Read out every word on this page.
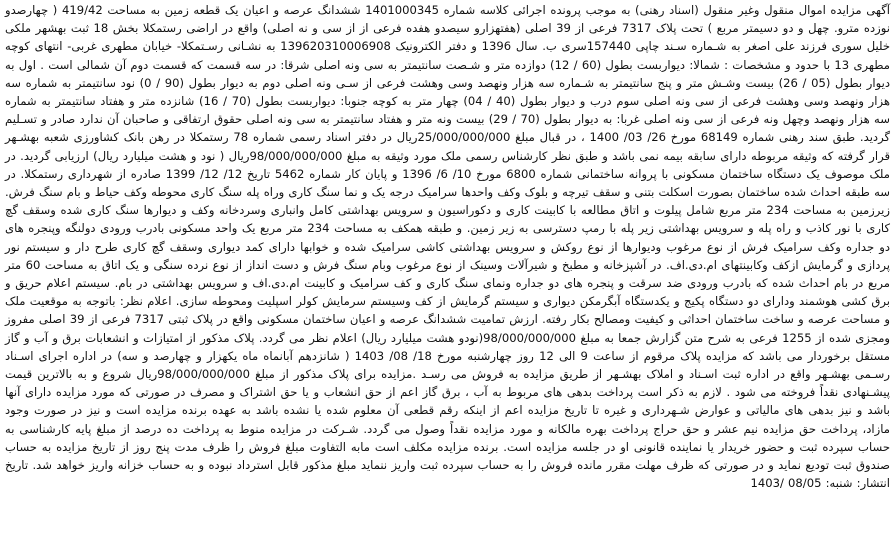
آگهی مزایده اموال منقول وغیر منقول (اسناد رهنی) به موجب پرونده اجرائی کلاسه شماره 1401000345 ششدانگ عرصه و اعیان یک قطعه زمین به مساحت 419/42 ( چهارصدو نوزده مترو. چهل و دو دسیمتر مربع ) تحت پلاک 7317 فرعی از 39 اصلی (هفتهزارو سیصدو هفده فرعی از از سی و نه اصلی) واقع در اراضی رستمکلا بخش 18 ثبت بهشهر ملکی خلیل سوری فرزند علی اصغر به شـماره سـند چاپی 157440سری ب. سال 1396 و دفتر الکترونیک 139620310006908 به نشـانی رسـتمکلا- خیابان مطهری غربی- انتهای کوچه مطهری 13 با حدود و مشخصات : شمالا: دیواربست بطول (60 / 12) دوازده متر و شـصت سانتیمتر به سی ونه اصلی شرقا: در سه قسمت که قسمت دوم آن شمالی است . اول به دیوار بطول (05 / 26) بیست وشـش متر و پنج سانتیمتر به شـماره سه هزار ونهصد وسی وهشت فرعی از سـی ونه اصلی دوم به دیوار بطول (90 / 0) نود سانتیمتر به شماره سه هزار ونهصد وسی وهشت فرعی از سی ونه اصلی سوم درب و دیوار بطول (40 / 04) چهار متر به کوچه جنوبا: دیواربست بطول (70 / 16) شانزده متر و هفتاد سانتیمتر به شماره سه هزار ونهصد وچهل ونه فرعی از سی ونه اصلی غربا: به دیوار بطول (70 / 29) بیست ونه متر و هفتاد سانتیمتر به سی ونه اصلی حقوق ارتفاقی و صاحبان آن ندارد صادر و تسـلیم گردید. طبق سند رهنی شماره 68149 مورخ 26/ 03/ 1400 ، در قبال مبلغ 25/000/000/000ریال در دفتر اسناد رسمی شماره 78 رستمکلا در رهن بانک کشاورزی شعبه بهشـهر قرار گرفته که وثیقه مربوطه دارای سابقه بیمه نمی باشد و طبق نظر کارشناس رسمی ملک مورد وثیقه به مبلغ 98/000/000/000ریال ( نود و هشت میلیارد ریال) ارزیابی گردید. در ملک موصوف یک دستگاه ساختمان مسکونی با پروانه ساختمانی شماره 6800 مورخ 10/ 6/ 1396 و پایان کار شماره 5462 تاریخ 12/ 12/ 1399 صادره از شهرداری رستمکلا. در سه طبقه احداث شده ساختمان بصورت اسکلت بتنی و سقف تیرچه و بلوک وکف واحدها سرامیک درجه یک و نما سنگ کاری وراه پله سنگ کاری محوطه وکف حیاط و بام سنگ فرش. زیرزمین به مساحت 234 متر مربع شامل پیلوت و اتاق مطالعه با کابینت کاری و دکوراسیون و سرویس بهداشتی کامل وانباری وسردخانه وکف و دیوارها سنگ کاری شده وسقف گچ کاری با نور کاذب و راه پله و سرویس بهداشتی زیر پله با رمپ دسترسی به زیر زمین. و طبقه همکف به مساحت 234 متر مربع یک واحد مسکونی بادرب ورودی دولنگه وپنجره های دو جداره وکف سرامیک فرش از نوع مرغوب ودیوارها از نوع روکش و سرویس بهداشتی کاشی سرامیک شده و خوابها دارای کمد دیواری وسقف گچ کاری طرح دار و سیستم نور پردازی و گرمایش ازکف وکابینتهای ام.دی.اف. در آشپزخانه و مطبخ و شیرآلات وسینک از نوع مرغوب وبام سنگ فرش و دست انداز از نوع نرده سنگی و یک اتاق به مساحت 60 متر مربع در بام احداث شده که بادرب ورودی ضد سرقت و پنجره های دو جداره ونمای سنگ کاری و کف سرامیک و کابینت ام.دی.اف و سرویس بهداشتی در بام. سیستم اعلام حریق و برق کشی هوشمند ودارای دو دستگاه پکیج و یکدستگاه آبگرمکن دیواری و سیستم گرمایش از کف وسیستم سرمایش کولر اسپلیت ومحوطه سازی. اعلام نظر: باتوجه به موقعیت ملک و مساحت عرصه و ساخت ساختمان احداثی و کیفیت ومصالح بکار رفته. ارزش تمامیت ششدانگ عرصه و اعیان ساختمان مسکونی واقع در پلاک ثبتی 7317 فرعی از 39 اصلی مفروز ومجزی شده از 1255 فرعی به شرح متن گزارش جمعا به مبلغ 98/000/000/000(نودو هشت میلیارد ریال) اعلام نظر می گردد. پلاک مذکور از امتیازات و انشعابات برق و آب و گاز مستقل برخوردار می باشد که مزایده پلاک مرقوم از ساعت 9 الی 12 روز چهارشنبه مورخ 18/ 08/ 1403 ( شانزدهم آبانماه ماه یکهزار و چهارصد و سه) در اداره اجرای اسـناد رسـمی بهشـهر واقع در اداره ثبت اسـناد و املاک بهشـهر از طریق مزایده به فروش می رسـد .مزایده برای پلاک مذکور از مبلغ 98/000/000/000ریال شروع و به بالاترین قیمت پیشـنهادی نقداً فروخته می شود . لازم به ذکر است پرداخت بدهی های مربوط به آب ، برق گاز اعم از حق انشعاب و یا حق اشتراک و مصرف در صورتی که مورد مزایده دارای آنها باشد و نیز بدهی های مالیاتی و عوارض شـهرداری و غیره تا تاریخ مزایده اعم از اینکه رقم قطعی آن معلوم شده یا نشده باشد به عهده برنده مزایده است و نیز در صورت وجود مازاد، پرداخت حق مزایده نیم عشر و حق حراج پرداخت بهره مالکانه و مورد مزایده نقداً وصول می گردد. شـرکت در مزایده منوط به پرداخت ده درصد از مبلغ پایه کارشناسی به حساب سپرده ثبت و حضور خریدار یا نماینده قانونی او در جلسه مزایده است. برنده مزایده مکلف است مابه التفاوت مبلغ فروش را ظرف مدت پنج روز از تاریخ مزایده به حساب صندوق ثبت تودیع نماید و در صورتی که ظرف مهلت مقرر مانده فروش را به حساب سپرده ثبت واریز ننماید مبلغ مذکور قابل استرداد نبوده و به حساب خزانه واریز خواهد شد. تاریخ انتشار: شنبه: 08/05 /1403
